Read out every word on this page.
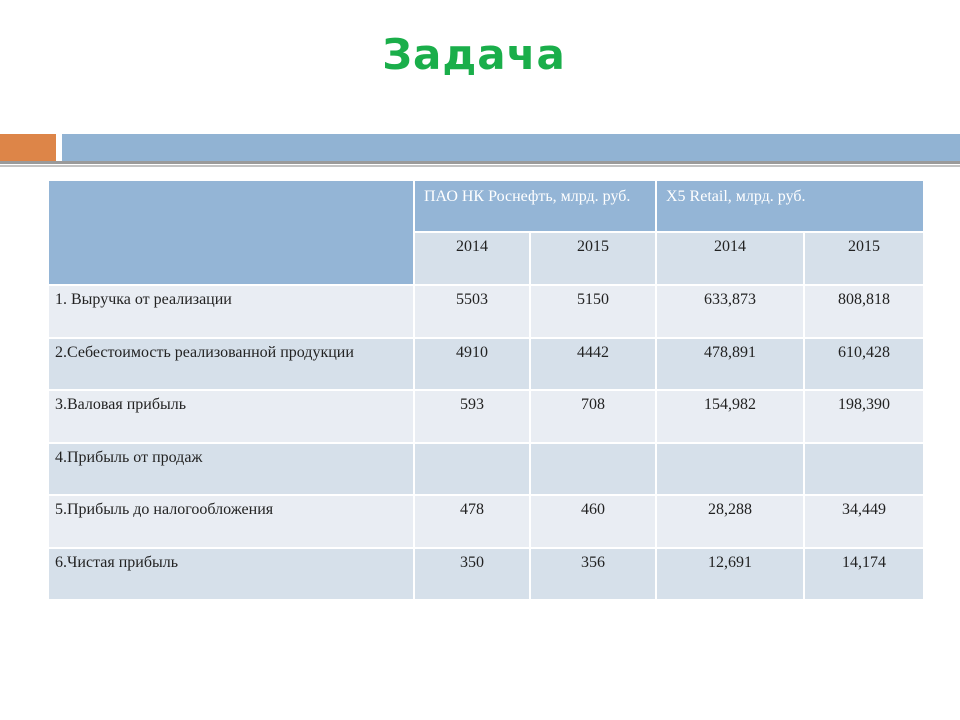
Задача
	ПАО НК Роснефть, млрд. руб.		X5 Retail, млрд. руб.	
	2014	2015	2014	2015
1. Выручка от реализации	5503	5150	633,873	808,818
2.Себестоимость реализованной продукции	4910	4442	478,891	610,428
3.Валовая прибыль	593	708	154,982	198,390
4.Прибыль от продаж				
5.Прибыль до налогообложения	478	460	28,288	34,449
6.Чистая прибыль	350	356	12,691	14,174
